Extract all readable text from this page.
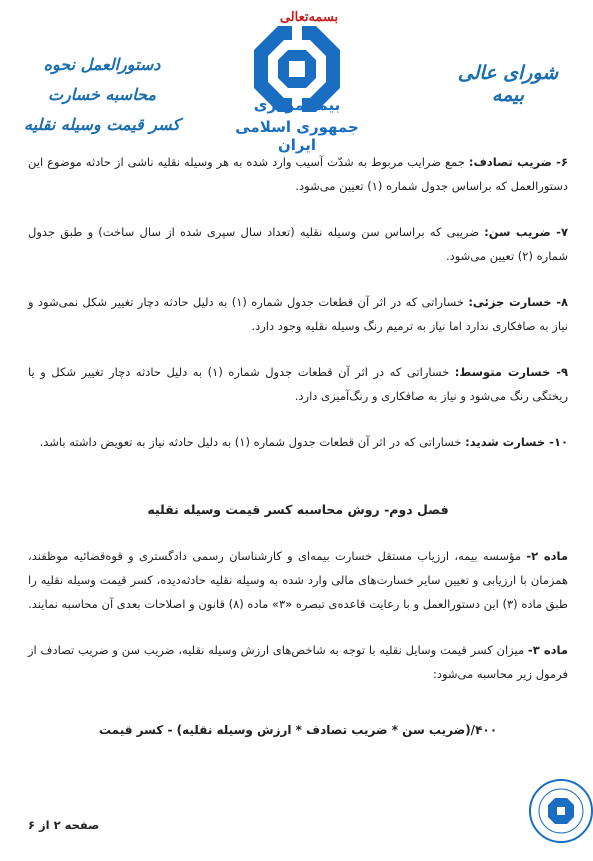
بسمه‌تعالی
بیمه مرکزی
جمهوری اسلامی ایران
شورای عالی بیمه
دستورالعمل نحوه محاسبه خسارت
کسر قیمت وسیله نقلیه

۶- ضریب تصادف: جمع ضرایب مربوط به شدّت آسیب وارد شده به هر وسیله نقلیه ناشی از حادثه موضوع این دستورالعمل که براساس جدول شماره (۱) تعیین می‌شود.

۷- ضریب سن: ضریبی که براساس سن وسیله نقلیه (تعداد سال سپری شده از سال ساخت) و طبق جدول شماره (۲) تعیین می‌شود.

۸- خسارت جزئی: خساراتی که در اثر آن قطعات جدول شماره (۱) به دلیل حادثه دچار تغییر شکل نمی‌شود و نیاز به صافکاری ندارد اما نیاز به ترمیم رنگ وسیله نقلیه وجود دارد.

۹- خسارت متوسط: خساراتی که در اثر آن قطعات جدول شماره (۱) به دلیل حادثه دچار تغییر شکل و یا ریختگی رنگ می‌شود و نیاز به صافکاری و رنگ‌آمیزی دارد.

۱۰- خسارت شدید: خساراتی که در اثر آن قطعات جدول شماره (۱) به دلیل حادثه نیاز به تعویض داشته باشد.

فصل دوم- روش محاسبه کسر قیمت وسیله نقلیه

ماده ۲- مؤسسه بیمه، ارزیاب مستقل خسارت بیمه‌ای و کارشناسان رسمی دادگستری و قوه‌قضائیه موظفند، همزمان با ارزیابی و تعیین سایر خسارت‌های مالی وارد شده به وسیله نقلیه حادثه‌دیده، کسر قیمت وسیله نقلیه را طبق ماده (۳) این دستورالعمل و با رعایت قاعده‌ی تبصره «۳» ماده (۸) قانون و اصلاحات بعدی آن محاسبه نمایند.

ماده ۳- میزان کسر قیمت وسایل نقلیه با توجه به شاخص‌های ارزش وسیله نقلیه، ضریب سن و ضریب تصادف از فرمول زیر محاسبه می‌شود:

۴۰۰/(ضریب سن * ضریب تصادف * ارزش وسیله نقلیه) - کسر قیمت
صفحه ۲ از ۶
